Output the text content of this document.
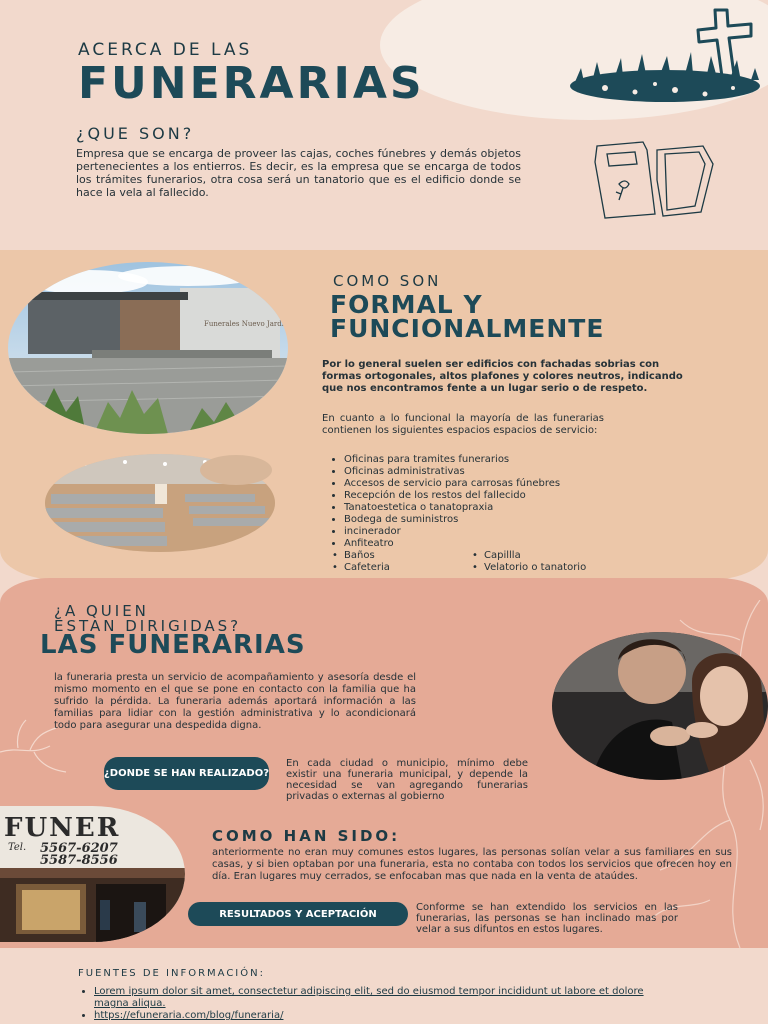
ACERCA DE LAS
FUNERARIAS
¿QUE SON?
Empresa que se encarga de proveer las cajas, coches fúnebres y demás objetos pertenecientes a los entierros. Es decir, es la empresa que se encarga de todos los trámites funerarios, otra cosa será un tanatorio que es el edificio donde se hace la vela al fallecido.
Funerales Nuevo Jardin
COMO SON
FORMAL Y
FUNCIONALMENTE
Por lo general suelen ser edificios con fachadas sobrias con formas ortogonales, altos plafones y colores neutros, indicando que nos encontramos fente a un lugar serio o de respeto.
En cuanto a lo funcional la mayoría de las funerarias contienen los siguientes espacios espacios de servicio:
• Oficinas para tramites funerarios
• Oficinas administrativas
• Accesos de servicio para carrosas fúnebres
• Recepción de los restos del fallecido
• Tanatoestetica o tanatopraxia
• Bodega de suministros
• incinerador
• Anfiteatro
• Baños	• Capillla
• Cafeteria	• Velatorio o tanatorio
¿A QUIEN
ESTAN DIRIGIDAS?
LAS FUNERARIAS
la funeraria presta un servicio de acompañamiento y asesoría desde el mismo momento en el que se pone en contacto con la familia que ha sufrido la pérdida. La funeraria además aportará información a las familias para lidiar con la gestión administrativa y lo acondicionará todo para asegurar una despedida digna.
¿DONDE SE HAN REALIZADO?
En cada ciudad o municipio, mínimo debe existir una funeraria municipal, y depende la necesidad se van agregando funerarias privadas o externas al gobierno
FUNER
Tel. 5567-6207
5587-8556
COMO HAN SIDO:
anteriormente no eran muy comunes estos lugares, las personas solían velar a sus familiares en sus casas, y si bien optaban por una funeraria, esta no contaba con todos los servicios que ofrecen hoy en día. Eran lugares muy cerrados, se enfocaban mas que nada en la venta de ataúdes.
RESULTADOS Y ACEPTACIÓN
Conforme se han extendido los servicios en las funerarias, las personas se han inclinado mas por velar a sus difuntos en estos lugares.
FUENTES DE INFORMACIÓN:
• Lorem ipsum dolor sit amet, consectetur adipiscing elit, sed do eiusmod tempor incididunt ut labore et dolore magna aliqua.
• https://efuneraria.com/blog/funeraria/
